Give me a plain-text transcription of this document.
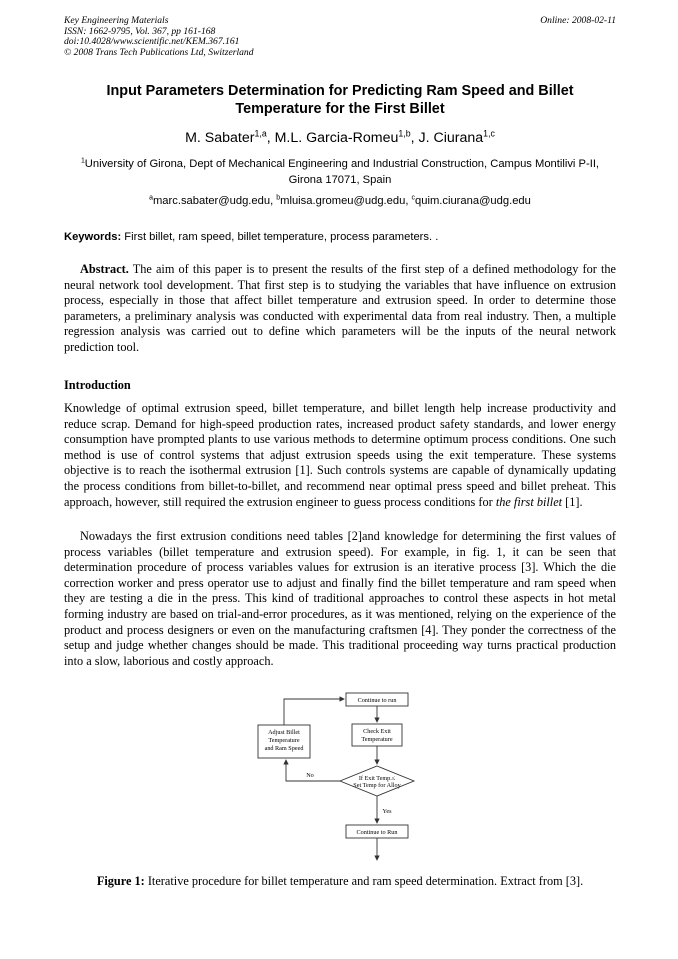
Key Engineering Materials
ISSN: 1662-9795, Vol. 367, pp 161-168
doi:10.4028/www.scientific.net/KEM.367.161
© 2008 Trans Tech Publications Ltd, Switzerland
Online: 2008-02-11
Input Parameters Determination for Predicting Ram Speed and Billet
Temperature for the First Billet
M. Sabater$^{1,a}$, M.L. Garcia-Romeu$^{1,b}$, J. Ciurana$^{1,c}$
$^1$University of Girona, Dept of Mechanical Engineering and Industrial Construction, Campus Montilivi P-II, Girona 17071, Spain
$^a$marc.sabater@udg.edu, $^b$mluisa.gromeu@udg.edu, $^c$quim.ciurana@udg.edu
Keywords: First billet, ram speed, billet temperature, process parameters. .
Abstract. The aim of this paper is to present the results of the first step of a defined methodology for the neural network tool development. That first step is to studying the variables that have influence on extrusion process, especially in those that affect billet temperature and extrusion speed. In order to determine those parameters, a preliminary analysis was conducted with experimental data from real industry. Then, a multiple regression analysis was carried out to define which parameters will be the inputs of the neural network prediction tool.
Introduction
Knowledge of optimal extrusion speed, billet temperature, and billet length help increase productivity and reduce scrap. Demand for high-speed production rates, increased product safety standards, and lower energy consumption have prompted plants to use various methods to determine optimum process conditions. One such method is use of control systems that adjust extrusion speeds using the exit temperature. These systems objective is to reach the isothermal extrusion [1]. Such controls systems are capable of dynamically updating the process conditions from billet-to-billet, and recommend near optimal press speed and billet preheat. This approach, however, still required the extrusion engineer to guess process conditions for the first billet [1].
Nowadays the first extrusion conditions need tables [2]and knowledge for determining the first values of process variables (billet temperature and extrusion speed). For example, in fig. 1, it can be seen that determination procedure of process variables values for extrusion is an iterative process [3]. Which the die correction worker and press operator use to adjust and finally find the billet temperature and ram speed when they are testing a die in the press. This kind of traditional approaches to control these aspects in hot metal forming industry are based on trial-and-error procedures, as it was mentioned, relying on the experience of the product and process designers or even on the manufacturing craftsmen [4]. They ponder the correctness of the setup and judge whether changes should be made. This traditional proceeding way turns practical production into a slow, laborious and costly approach.
Continue to run
Check Exit
Temperature
If Exit Temp.≤
Set Temp for Alloy
No
Adjust Billet
Temperature
and Ram Speed
Yes
Continue to Run
Figure 1: Iterative procedure for billet temperature and ram speed determination. Extract from [3].
